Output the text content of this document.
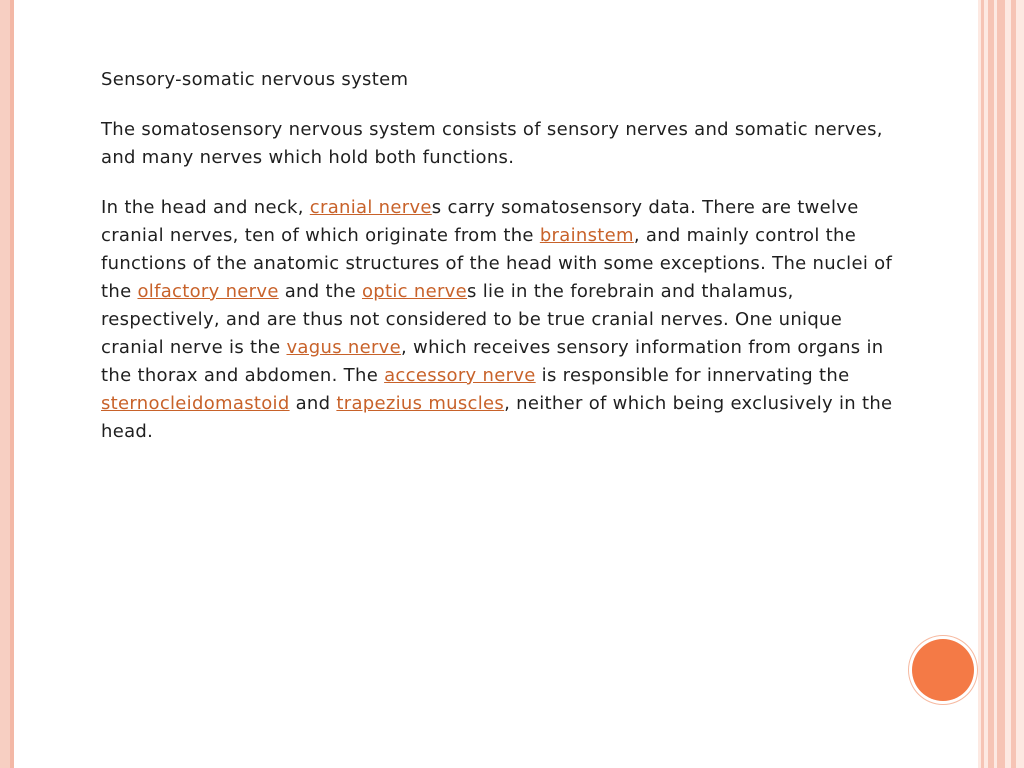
Sensory-somatic nervous system

The somatosensory nervous system consists of sensory nerves and somatic nerves, and many nerves which hold both functions.

In the head and neck, cranial nerves carry somatosensory data. There are twelve cranial nerves, ten of which originate from the brainstem, and mainly control the functions of the anatomic structures of the head with some exceptions. The nuclei of the olfactory nerve and the optic nerves lie in the forebrain and thalamus, respectively, and are thus not considered to be true cranial nerves. One unique cranial nerve is the vagus nerve, which receives sensory information from organs in the thorax and abdomen. The accessory nerve is responsible for innervating the sternocleidomastoid and trapezius muscles, neither of which being exclusively in the head.
